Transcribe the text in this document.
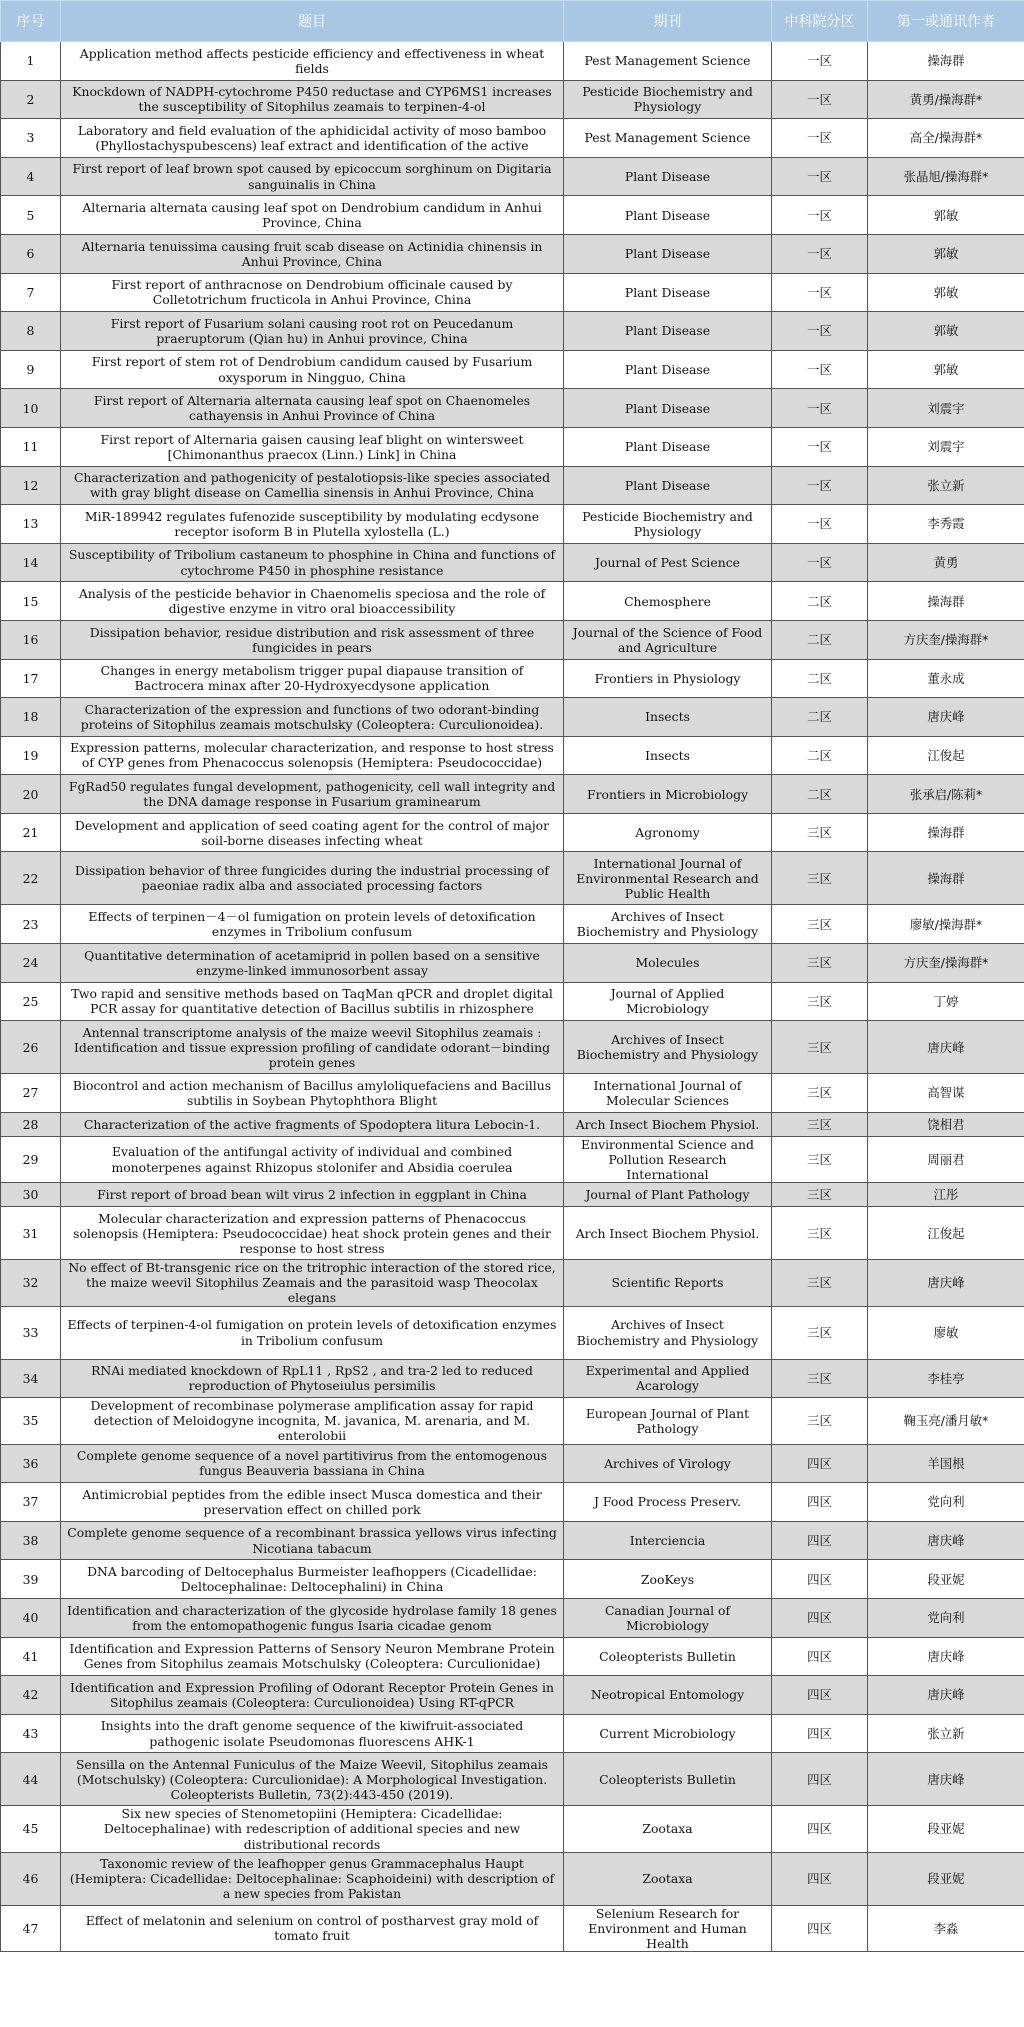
序号	题目	期刊	中科院分区	第一或通讯作者
1	Application method affects pesticide efficiency and effectiveness in wheat fields	Pest Management Science	一区	操海群
2	Knockdown of NADPH-cytochrome P450 reductase and CYP6MS1 increases the susceptibility of Sitophilus zeamais to terpinen-4-ol	Pesticide Biochemistry and Physiology	一区	黄勇/操海群*
3	Laboratory and field evaluation of the aphidicidal activity of moso bamboo (Phyllostachyspubescens) leaf extract and identification of the active	Pest Management Science	一区	高全/操海群*
4	First report of leaf brown spot caused by epicoccum sorghinum on Digitaria sanguinalis in China	Plant Disease	一区	张晶旭/操海群*
5	Alternaria alternata causing leaf spot on Dendrobium candidum in Anhui Province, China	Plant Disease	一区	郭敏
6	Alternaria tenuissima causing fruit scab disease on Actinidia chinensis in Anhui Province, China	Plant Disease	一区	郭敏
7	First report of anthracnose on Dendrobium officinale caused by Colletotrichum fructicola in Anhui Province, China	Plant Disease	一区	郭敏
8	First report of Fusarium solani causing root rot on Peucedanum praeruptorum (Qian hu) in Anhui province, China	Plant Disease	一区	郭敏
9	First report of stem rot of Dendrobium candidum caused by Fusarium oxysporum in Ningguo, China	Plant Disease	一区	郭敏
10	First report of Alternaria alternata causing leaf spot on Chaenomeles cathayensis in Anhui Province of China	Plant Disease	一区	刘震宇
11	First report of Alternaria gaisen causing leaf blight on wintersweet [Chimonanthus praecox (Linn.) Link] in China	Plant Disease	一区	刘震宇
12	Characterization and pathogenicity of pestalotiopsis-like species associated with gray blight disease on Camellia sinensis in Anhui Province, China	Plant Disease	一区	张立新
13	MiR-189942 regulates fufenozide susceptibility by modulating ecdysone receptor isoform B in Plutella xylostella (L.)	Pesticide Biochemistry and Physiology	一区	李秀霞
14	Susceptibility of Tribolium castaneum to phosphine in China and functions of cytochrome P450 in phosphine resistance	Journal of Pest Science	一区	黄勇
15	Analysis of the pesticide behavior in Chaenomelis speciosa and the role of digestive enzyme in vitro oral bioaccessibility	Chemosphere	二区	操海群
16	Dissipation behavior, residue distribution and risk assessment of three fungicides in pears	Journal of the Science of Food and Agriculture	二区	方庆奎/操海群*
17	Changes in energy metabolism trigger pupal diapause transition of Bactrocera minax after 20-Hydroxyecdysone application	Frontiers in Physiology	二区	董永成
18	Characterization of the expression and functions of two odorant-binding proteins of Sitophilus zeamais motschulsky (Coleoptera: Curculionoidea).	Insects	二区	唐庆峰
19	Expression patterns, molecular characterization, and response to host stress of CYP genes from Phenacoccus solenopsis (Hemiptera: Pseudococcidae)	Insects	二区	江俊起
20	FgRad50 regulates fungal development, pathogenicity, cell wall integrity and the DNA damage response in Fusarium graminearum	Frontiers in Microbiology	二区	张承启/陈莉*
21	Development and application of seed coating agent for the control of major soil-borne diseases infecting wheat	Agronomy	三区	操海群
22	Dissipation behavior of three fungicides during the industrial processing of paeoniae radix alba and associated processing factors	International Journal of Environmental Research and Public Health	三区	操海群
23	Effects of terpinen－4－ol fumigation on protein levels of detoxification enzymes in Tribolium confusum	Archives of Insect Biochemistry and Physiology	三区	廖敏/操海群*
24	Quantitative determination of acetamiprid in pollen based on a sensitive enzyme-linked immunosorbent assay	Molecules	三区	方庆奎/操海群*
25	Two rapid and sensitive methods based on TaqMan qPCR and droplet digital PCR assay for quantitative detection of Bacillus subtilis in rhizosphere	Journal of Applied Microbiology	三区	丁婷
26	Antennal transcriptome analysis of the maize weevil Sitophilus zeamais : Identification and tissue expression profiling of candidate odorant－binding protein genes	Archives of Insect Biochemistry and Physiology	三区	唐庆峰
27	Biocontrol and action mechanism of Bacillus amyloliquefaciens and Bacillus subtilis in Soybean Phytophthora Blight	International Journal of Molecular Sciences	三区	高智谋
28	Characterization of the active fragments of Spodoptera litura Lebocin-1.	Arch Insect Biochem Physiol.	三区	饶相君
29	Evaluation of the antifungal activity of individual and combined monoterpenes against Rhizopus stolonifer and Absidia coerulea	Environmental Science and Pollution Research International	三区	周丽君
30	First report of broad bean wilt virus 2 infection in eggplant in China	Journal of Plant Pathology	三区	江彤
31	Molecular characterization and expression patterns of Phenacoccus solenopsis (Hemiptera: Pseudococcidae) heat shock protein genes and their response to host stress	Arch Insect Biochem Physiol.	三区	江俊起
32	No effect of Bt-transgenic rice on the tritrophic interaction of the stored rice, the maize weevil Sitophilus Zeamais and the parasitoid wasp Theocolax elegans	Scientific Reports	三区	唐庆峰
33	Effects of terpinen-4-ol fumigation on protein levels of detoxification enzymes in Tribolium confusum	Archives of Insect Biochemistry and Physiology	三区	廖敏
34	RNAi mediated knockdown of RpL11 , RpS2 , and tra-2 led to reduced reproduction of Phytoseiulus persimilis	Experimental and Applied Acarology	三区	李桂亭
35	Development of recombinase polymerase amplification assay for rapid detection of Meloidogyne incognita, M. javanica, M. arenaria, and M. enterolobii	European Journal of Plant Pathology	三区	鞠玉亮/潘月敏*
36	Complete genome sequence of a novel partitivirus from the entomogenous fungus Beauveria bassiana in China	Archives of Virology	四区	羊国根
37	Antimicrobial peptides from the edible insect Musca domestica and their preservation effect on chilled pork	J Food Process Preserv.	四区	党向利
38	Complete genome sequence of a recombinant brassica yellows virus infecting Nicotiana tabacum	Interciencia	四区	唐庆峰
39	DNA barcoding of Deltocephalus Burmeister leafhoppers (Cicadellidae: Deltocephalinae: Deltocephalini) in China	ZooKeys	四区	段亚妮
40	Identification and characterization of the glycoside hydrolase family 18 genes from the entomopathogenic fungus Isaria cicadae genom	Canadian Journal of Microbiology	四区	党向利
41	Identification and Expression Patterns of Sensory Neuron Membrane Protein Genes from Sitophilus zeamais Motschulsky (Coleoptera: Curculionidae)	Coleopterists Bulletin	四区	唐庆峰
42	Identification and Expression Profiling of Odorant Receptor Protein Genes in Sitophilus zeamais (Coleoptera: Curculionoidea) Using RT-qPCR	Neotropical Entomology	四区	唐庆峰
43	Insights into the draft genome sequence of the kiwifruit-associated pathogenic isolate Pseudomonas fluorescens AHK-1	Current Microbiology	四区	张立新
44	Sensilla on the Antennal Funiculus of the Maize Weevil, Sitophilus zeamais (Motschulsky) (Coleoptera: Curculionidae): A Morphological Investigation. Coleopterists Bulletin, 73(2):443-450 (2019).	Coleopterists Bulletin	四区	唐庆峰
45	Six new species of Stenometopiini (Hemiptera: Cicadellidae: Deltocephalinae) with redescription of additional species and new distributional records	Zootaxa	四区	段亚妮
46	Taxonomic review of the leafhopper genus Grammacephalus Haupt (Hemiptera: Cicadellidae: Deltocephalinae: Scaphoideini) with description of a new species from Pakistan	Zootaxa	四区	段亚妮
47	Effect of melatonin and selenium on control of postharvest gray mold of tomato fruit	Selenium Research for Environment and Human Health	四区	李淼
